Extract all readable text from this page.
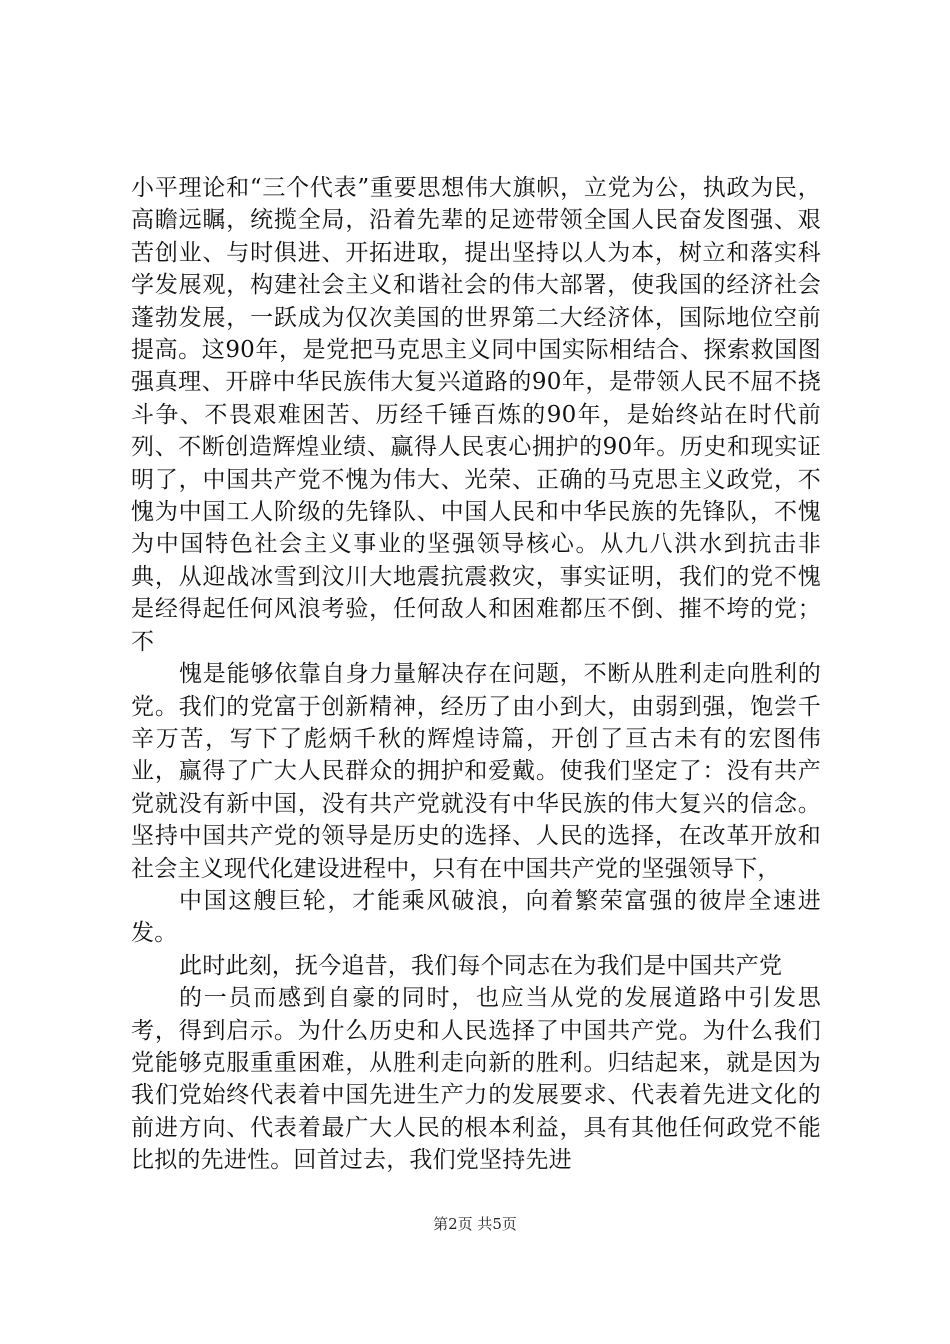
小平理论和“三个代表”重要思想伟大旗帜，立党为公，执政为民，高瞻远瞩，统揽全局，沿着先辈的足迹带领全国人民奋发图强、艰苦创业、与时俱进、开拓进取，提出坚持以人为本，树立和落实科学发展观，构建社会主义和谐社会的伟大部署，使我国的经济社会蓬勃发展，一跃成为仅次美国的世界第二大经济体，国际地位空前提高。这90年，是党把马克思主义同中国实际相结合、探索救国图强真理、开辟中华民族伟大复兴道路的90年，是带领人民不屈不挠斗争、不畏艰难困苦、历经千锤百炼的90年，是始终站在时代前列、不断创造辉煌业绩、赢得人民衷心拥护的90年。历史和现实证明了，中国共产党不愧为伟大、光荣、正确的马克思主义政党，不愧为中国工人阶级的先锋队、中国人民和中华民族的先锋队，不愧为中国特色社会主义事业的坚强领导核心。从九八洪水到抗击非典，从迎战冰雪到汶川大地震抗震救灾，事实证明，我们的党不愧是经得起任何风浪考验，任何敌人和困难都压不倒、摧不垮的党；不

愧是能够依靠自身力量解决存在问题，不断从胜利走向胜利的党。我们的党富于创新精神，经历了由小到大，由弱到强，饱尝千辛万苦，写下了彪炳千秋的辉煌诗篇，开创了亘古未有的宏图伟业，赢得了广大人民群众的拥护和爱戴。使我们坚定了：没有共产党就没有新中国，没有共产党就没有中华民族的伟大复兴的信念。坚持中国共产党的领导是历史的选择、人民的选择，在改革开放和社会主义现代化建设进程中，只有在中国共产党的坚强领导下，

中国这艘巨轮，才能乘风破浪，向着繁荣富强的彼岸全速进发。

此时此刻，抚今追昔，我们每个同志在为我们是中国共产党

的一员而感到自豪的同时，也应当从党的发展道路中引发思考，得到启示。为什么历史和人民选择了中国共产党。为什么我们党能够克服重重困难，从胜利走向新的胜利。归结起来，就是因为我们党始终代表着中国先进生产力的发展要求、代表着先进文化的前进方向、代表着最广大人民的根本利益，具有其他任何政党不能比拟的先进性。回首过去，我们党坚持先进

第2页 共5页
